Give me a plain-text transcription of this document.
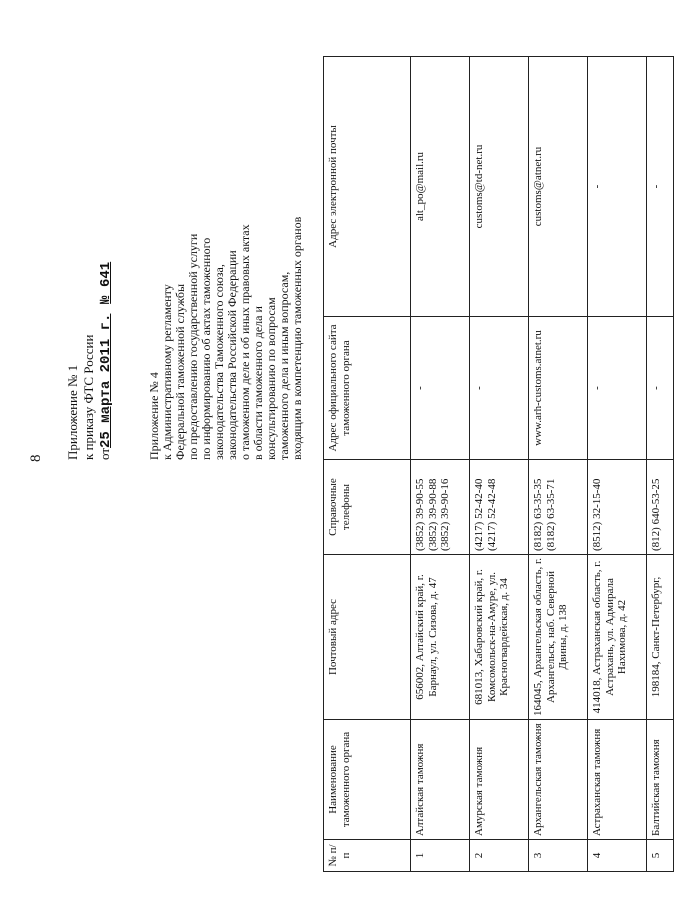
8 Приложение № 1 к приказу ФТС России от25 марта 2011 г.   № 641
Приложение № 4 к Административному регламенту Федеральной таможенной службы по предоставлению государственной услуги по информированию об актах таможенного законодательства Таможенного союза, законодательства Российской Федерации о таможенном деле и об иных правовых актах в области таможенного дела и консультированию по вопросам таможенного дела и иным вопросам, входящим в компетенцию таможенных органов
№ п/п	Наименование таможенного органа	Почтовый адрес	Справочные телефоны	Адрес официального сайта таможенного органа	Адрес электронной почты
1	Алтайская таможня	656002, Алтайский край, г. Барнаул, ул. Сизова, д. 47	(3852) 39-90-55 (3852) 39-90-88 (3852) 39-90-16	-	alt_po@mail.ru
2	Амурская таможня	681013, Хабаровский край, г. Комсомольск-на-Амуре, ул. Красногвардейская, д. 34	(4217) 52-42-40 (4217) 52-42-48	-	customs@td-net.ru
3	Архангельская таможня	164045, Архангельская область, г. Архангельск, наб. Северной Двины, д. 138	(8182) 63-35-35 (8182) 63-35-71	www.arh-customs.atnet.ru	customs@atnet.ru
4	Астраханская таможня	414018, Астраханская область, г. Астрахань, ул. Адмирала Нахимова, д. 42	(8512) 32-15-40	-	-
5	Балтийская таможня	198184, Санкт-Петербург,	(812) 640-53-25	-	-
